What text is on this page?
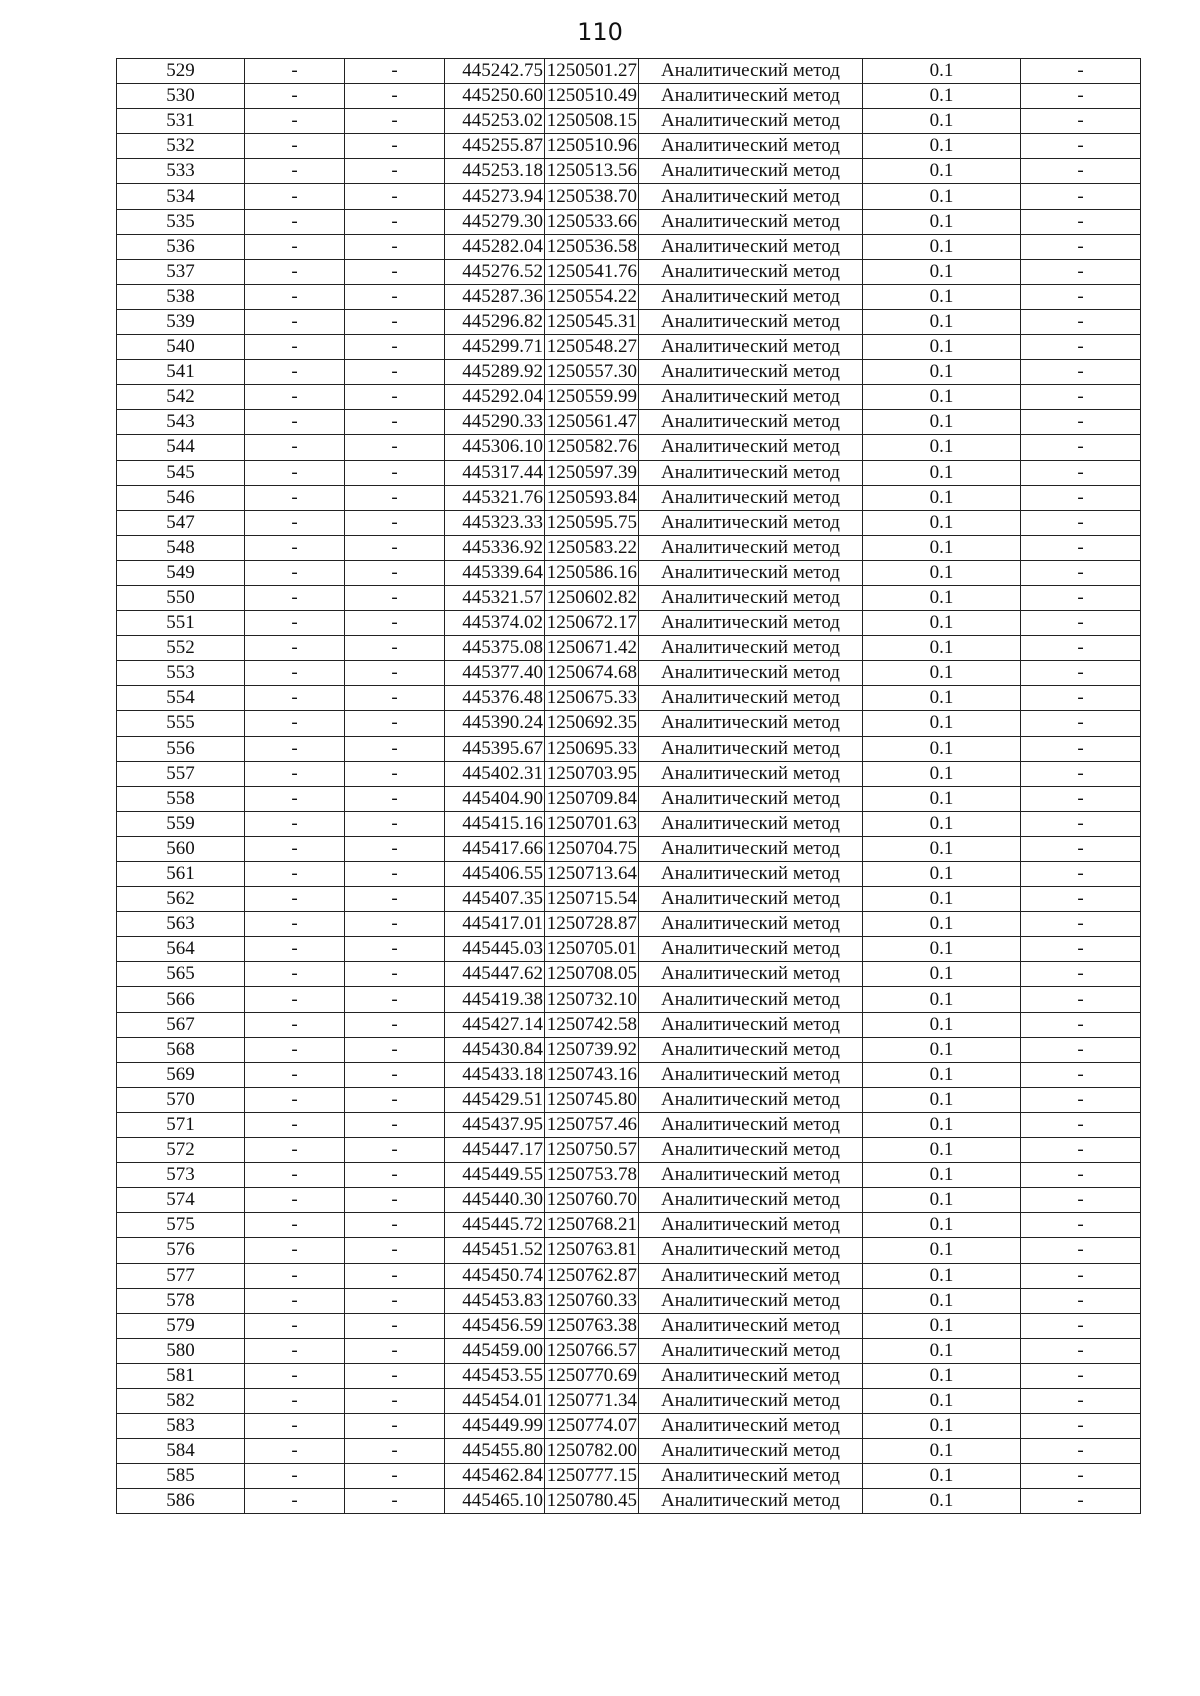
110
529	-	-	445242.75	1250501.27	Аналитический метод	0.1	-
530	-	-	445250.60	1250510.49	Аналитический метод	0.1	-
531	-	-	445253.02	1250508.15	Аналитический метод	0.1	-
532	-	-	445255.87	1250510.96	Аналитический метод	0.1	-
533	-	-	445253.18	1250513.56	Аналитический метод	0.1	-
534	-	-	445273.94	1250538.70	Аналитический метод	0.1	-
535	-	-	445279.30	1250533.66	Аналитический метод	0.1	-
536	-	-	445282.04	1250536.58	Аналитический метод	0.1	-
537	-	-	445276.52	1250541.76	Аналитический метод	0.1	-
538	-	-	445287.36	1250554.22	Аналитический метод	0.1	-
539	-	-	445296.82	1250545.31	Аналитический метод	0.1	-
540	-	-	445299.71	1250548.27	Аналитический метод	0.1	-
541	-	-	445289.92	1250557.30	Аналитический метод	0.1	-
542	-	-	445292.04	1250559.99	Аналитический метод	0.1	-
543	-	-	445290.33	1250561.47	Аналитический метод	0.1	-
544	-	-	445306.10	1250582.76	Аналитический метод	0.1	-
545	-	-	445317.44	1250597.39	Аналитический метод	0.1	-
546	-	-	445321.76	1250593.84	Аналитический метод	0.1	-
547	-	-	445323.33	1250595.75	Аналитический метод	0.1	-
548	-	-	445336.92	1250583.22	Аналитический метод	0.1	-
549	-	-	445339.64	1250586.16	Аналитический метод	0.1	-
550	-	-	445321.57	1250602.82	Аналитический метод	0.1	-
551	-	-	445374.02	1250672.17	Аналитический метод	0.1	-
552	-	-	445375.08	1250671.42	Аналитический метод	0.1	-
553	-	-	445377.40	1250674.68	Аналитический метод	0.1	-
554	-	-	445376.48	1250675.33	Аналитический метод	0.1	-
555	-	-	445390.24	1250692.35	Аналитический метод	0.1	-
556	-	-	445395.67	1250695.33	Аналитический метод	0.1	-
557	-	-	445402.31	1250703.95	Аналитический метод	0.1	-
558	-	-	445404.90	1250709.84	Аналитический метод	0.1	-
559	-	-	445415.16	1250701.63	Аналитический метод	0.1	-
560	-	-	445417.66	1250704.75	Аналитический метод	0.1	-
561	-	-	445406.55	1250713.64	Аналитический метод	0.1	-
562	-	-	445407.35	1250715.54	Аналитический метод	0.1	-
563	-	-	445417.01	1250728.87	Аналитический метод	0.1	-
564	-	-	445445.03	1250705.01	Аналитический метод	0.1	-
565	-	-	445447.62	1250708.05	Аналитический метод	0.1	-
566	-	-	445419.38	1250732.10	Аналитический метод	0.1	-
567	-	-	445427.14	1250742.58	Аналитический метод	0.1	-
568	-	-	445430.84	1250739.92	Аналитический метод	0.1	-
569	-	-	445433.18	1250743.16	Аналитический метод	0.1	-
570	-	-	445429.51	1250745.80	Аналитический метод	0.1	-
571	-	-	445437.95	1250757.46	Аналитический метод	0.1	-
572	-	-	445447.17	1250750.57	Аналитический метод	0.1	-
573	-	-	445449.55	1250753.78	Аналитический метод	0.1	-
574	-	-	445440.30	1250760.70	Аналитический метод	0.1	-
575	-	-	445445.72	1250768.21	Аналитический метод	0.1	-
576	-	-	445451.52	1250763.81	Аналитический метод	0.1	-
577	-	-	445450.74	1250762.87	Аналитический метод	0.1	-
578	-	-	445453.83	1250760.33	Аналитический метод	0.1	-
579	-	-	445456.59	1250763.38	Аналитический метод	0.1	-
580	-	-	445459.00	1250766.57	Аналитический метод	0.1	-
581	-	-	445453.55	1250770.69	Аналитический метод	0.1	-
582	-	-	445454.01	1250771.34	Аналитический метод	0.1	-
583	-	-	445449.99	1250774.07	Аналитический метод	0.1	-
584	-	-	445455.80	1250782.00	Аналитический метод	0.1	-
585	-	-	445462.84	1250777.15	Аналитический метод	0.1	-
586	-	-	445465.10	1250780.45	Аналитический метод	0.1	-
